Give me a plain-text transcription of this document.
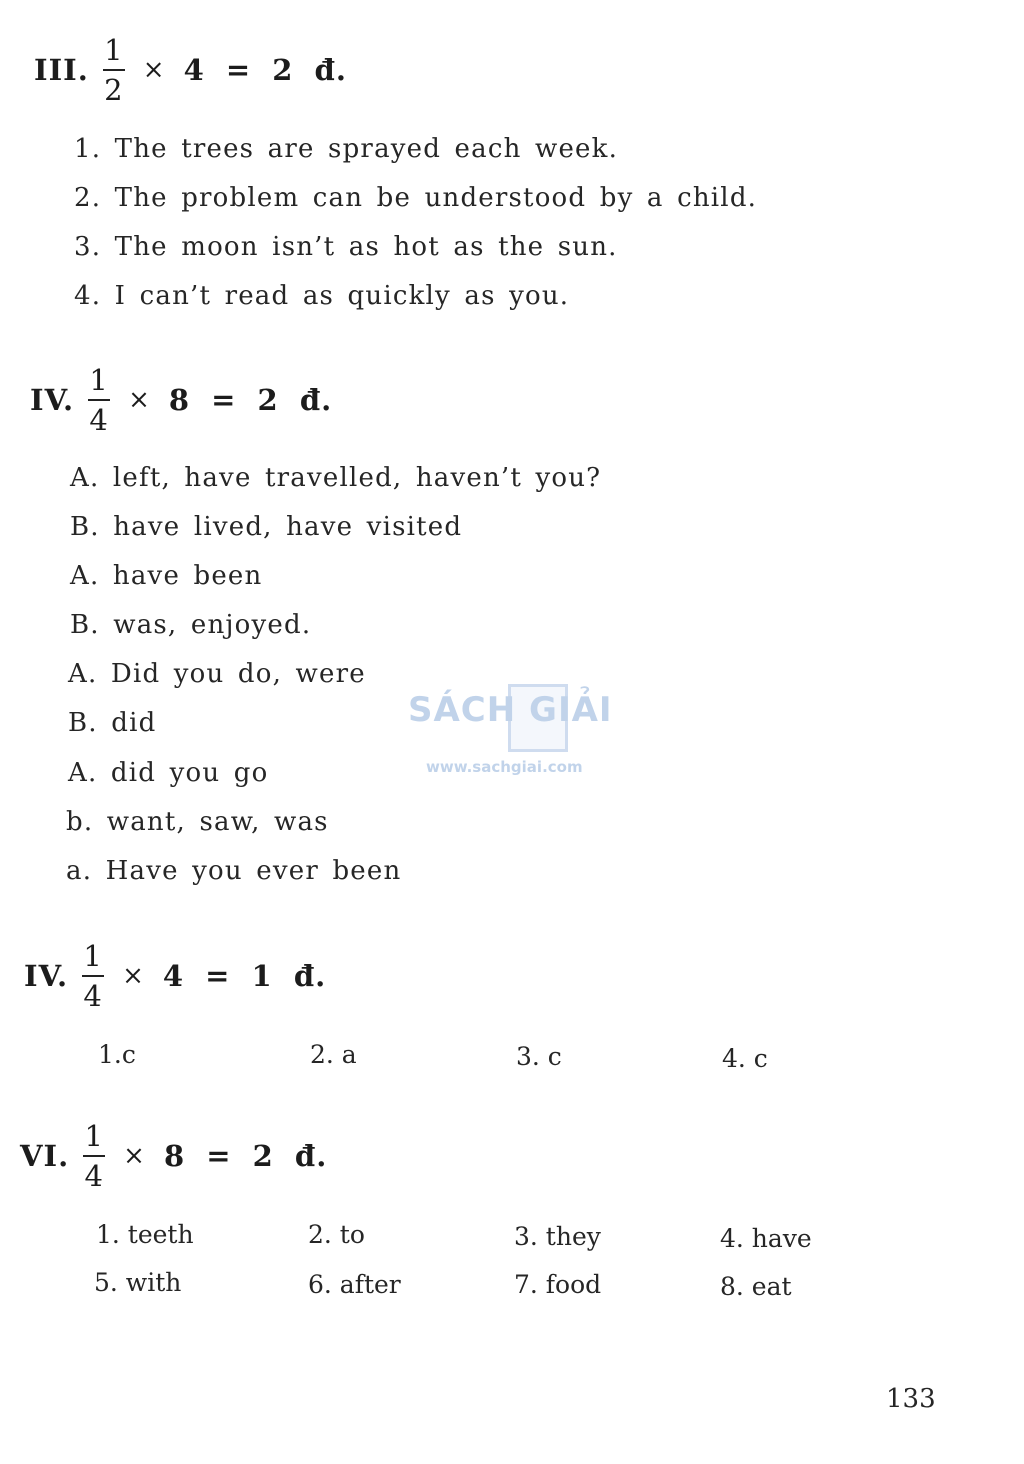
III. $\frac{1}{2} \times 4 = 2$ đ.
1. The trees are sprayed each week.
2. The problem can be understood by a child.
3. The moon isn’t as hot as the sun.
4. I can’t read as quickly as you.
IV. $\frac{1}{4} \times 8 = 2$ đ.
A. left, have travelled, haven’t you?
B. have lived, have visited
A. have been
B. was, enjoyed.
A. Did you do, were
B. did
A. did you go
b. want, saw, was
a. Have you ever been
IV. $\frac{1}{4} \times 4 = 1$ đ.
1.c	2. a	3. c	4. c
VI. $\frac{1}{4} \times 8 = 2$ đ.
1. teeth	2. to	3. they	4. have
5. with	6. after	7. food	8. eat
SÁCH GIẢI
www.sachgiai.com
133
